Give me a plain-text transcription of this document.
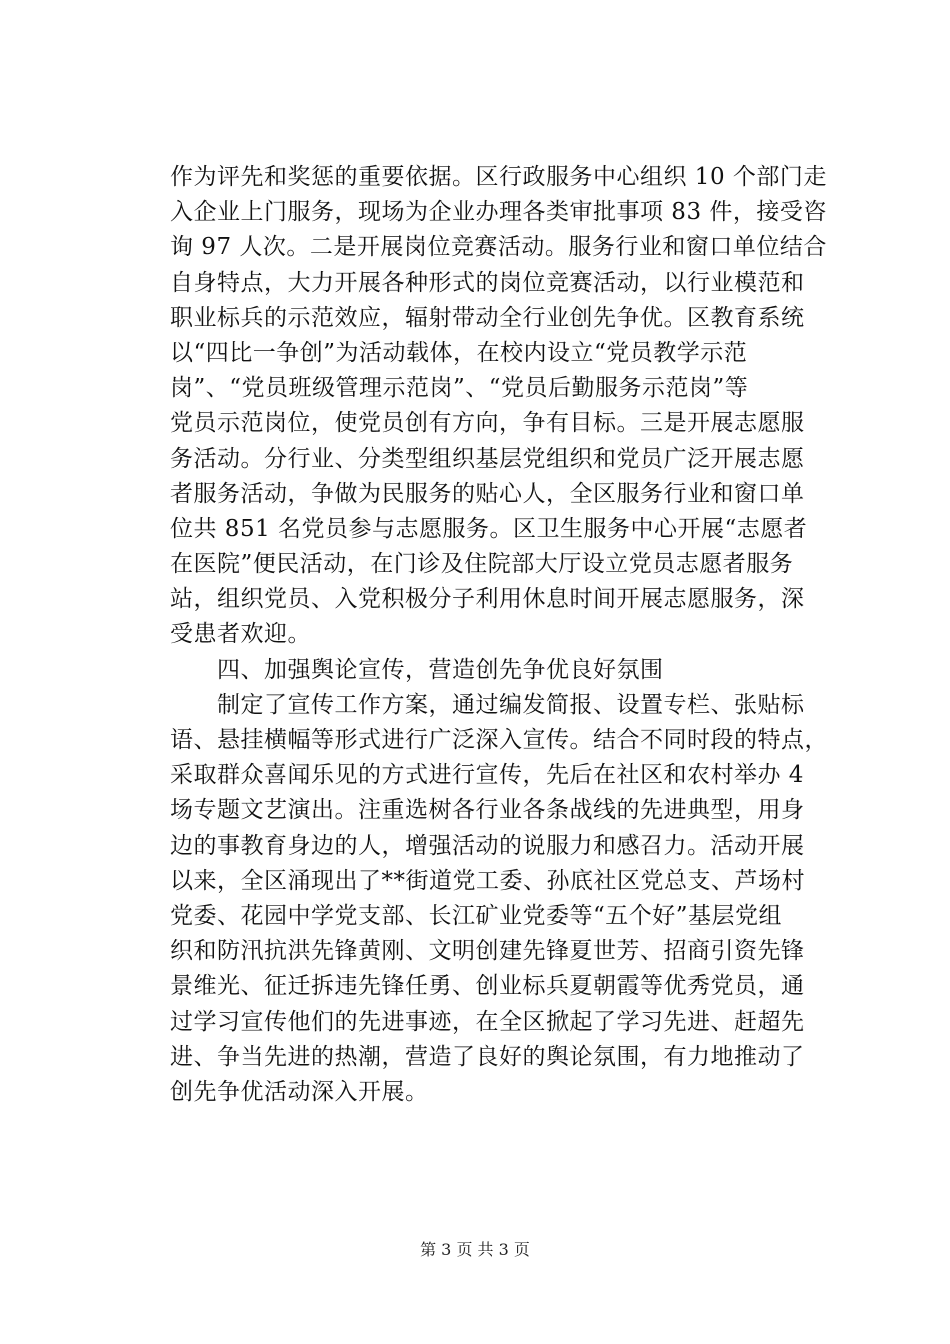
作为评先和奖惩的重要依据。区行政服务中心组织 10 个部门走
入企业上门服务，现场为企业办理各类审批事项 83 件，接受咨
询 97 人次。二是开展岗位竞赛活动。服务行业和窗口单位结合
自身特点，大力开展各种形式的岗位竞赛活动，以行业模范和
职业标兵的示范效应，辐射带动全行业创先争优。区教育系统
以“四比一争创”为活动载体，在校内设立“党员教学示范
岗”、“党员班级管理示范岗”、“党员后勤服务示范岗”等
党员示范岗位，使党员创有方向，争有目标。三是开展志愿服
务活动。分行业、分类型组织基层党组织和党员广泛开展志愿
者服务活动，争做为民服务的贴心人，全区服务行业和窗口单
位共 851 名党员参与志愿服务。区卫生服务中心开展“志愿者
在医院”便民活动，在门诊及住院部大厅设立党员志愿者服务
站，组织党员、入党积极分子利用休息时间开展志愿服务，深
受患者欢迎。
　　四、加强舆论宣传，营造创先争优良好氛围
　　制定了宣传工作方案，通过编发简报、设置专栏、张贴标
语、悬挂横幅等形式进行广泛深入宣传。结合不同时段的特点，
采取群众喜闻乐见的方式进行宣传，先后在社区和农村举办 4
场专题文艺演出。注重选树各行业各条战线的先进典型，用身
边的事教育身边的人，增强活动的说服力和感召力。活动开展
以来，全区涌现出了**街道党工委、孙底社区党总支、芦场村
党委、花园中学党支部、长江矿业党委等“五个好”基层党组
织和防汛抗洪先锋黄刚、文明创建先锋夏世芳、招商引资先锋
景维光、征迁拆违先锋任勇、创业标兵夏朝霞等优秀党员，通
过学习宣传他们的先进事迹，在全区掀起了学习先进、赶超先
进、争当先进的热潮，营造了良好的舆论氛围，有力地推动了
创先争优活动深入开展。
第 3 页 共 3 页
